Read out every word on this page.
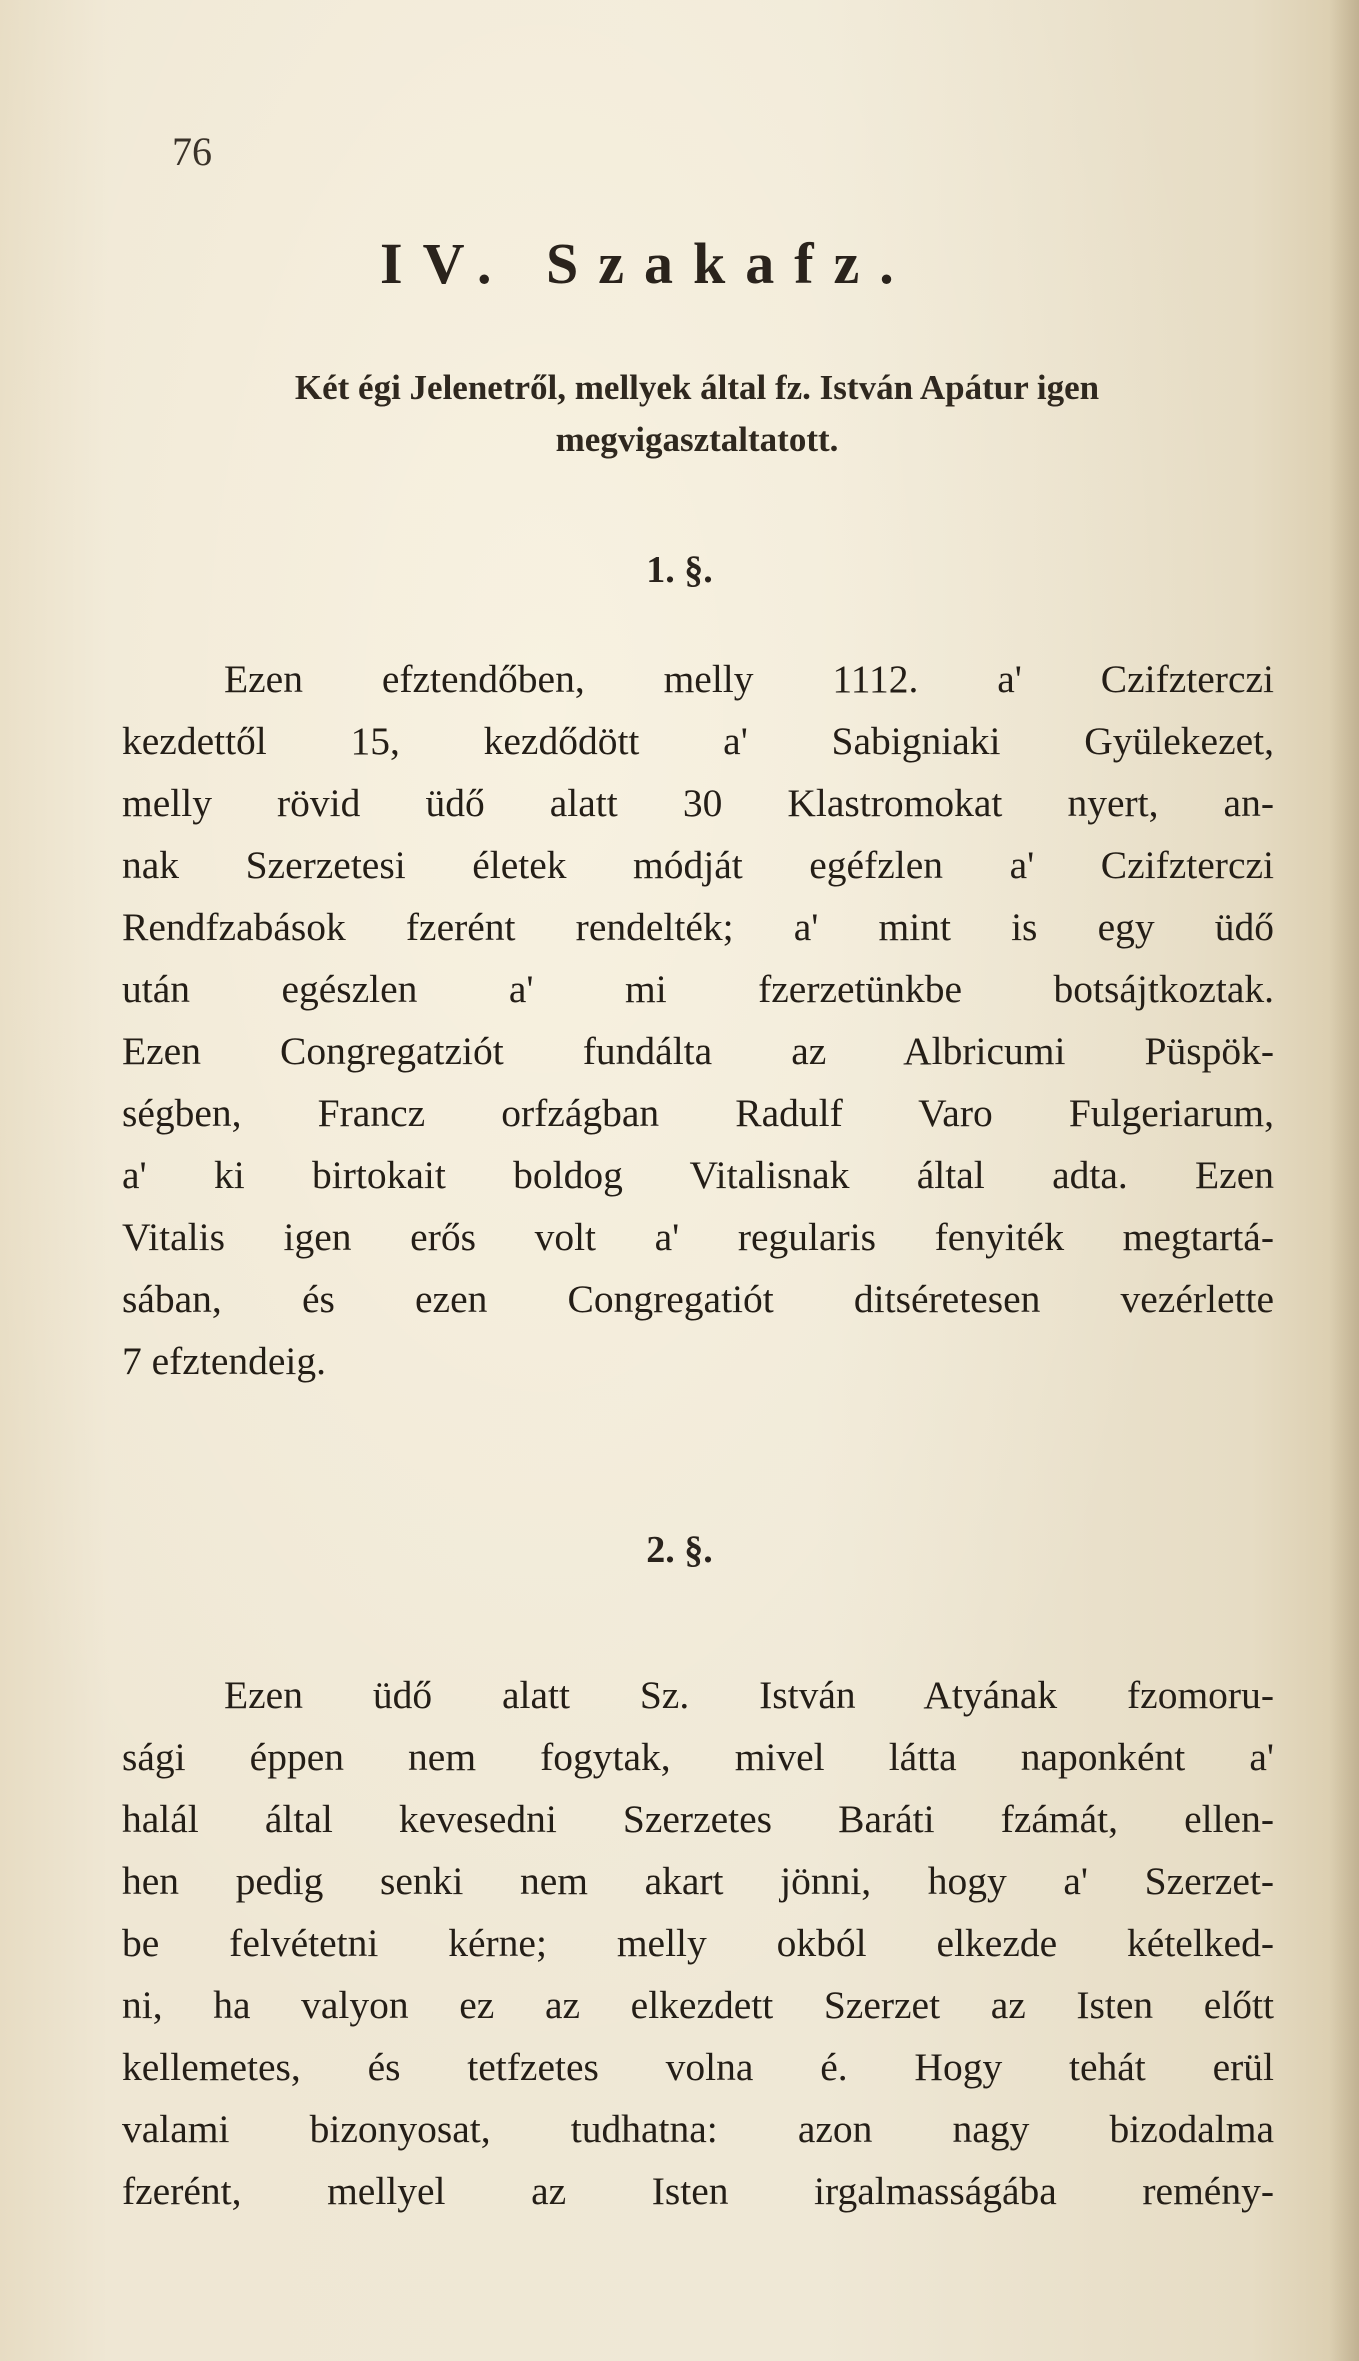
76
IV. Szakafz.
Két égi Jelenetről, mellyek által fz. István Apátur igen
megvigasztaltatott.
1. §.
Ezen efztendőben, melly 1112. a' Czifzterczi
kezdettől 15, kezdődött a' Sabigniaki Gyülekezet,
melly rövid üdő alatt 30 Klastromokat nyert, an-
nak Szerzetesi életek módját egéfzlen a' Czifzterczi
Rendfzabások fzerént rendelték; a' mint is egy üdő
után egészlen a' mi fzerzetünkbe botsájtkoztak.
Ezen Congregatziót fundálta az Albricumi Püspök-
ségben, Francz orfzágban Radulf Varo Fulgeriarum,
a' ki birtokait boldog Vitalisnak által adta. Ezen
Vitalis igen erős volt a' regularis fenyiték megtartá-
sában, és ezen Congregatiót ditséretesen vezérlette
7 efztendeig.
2. §.
Ezen üdő alatt Sz. István Atyának fzomoru-
sági éppen nem fogytak, mivel látta naponként a'
halál által kevesedni Szerzetes Baráti fzámát, ellen-
hen pedig senki nem akart jönni, hogy a' Szerzet-
be felvétetni kérne; melly okból elkezde kételked-
ni, ha valyon ez az elkezdett Szerzet az Isten előtt
kellemetes, és tetfzetes volna é. Hogy tehát erül
valami bizonyosat, tudhatna: azon nagy bizodalma
fzerént, mellyel az Isten irgalmasságába remény-
